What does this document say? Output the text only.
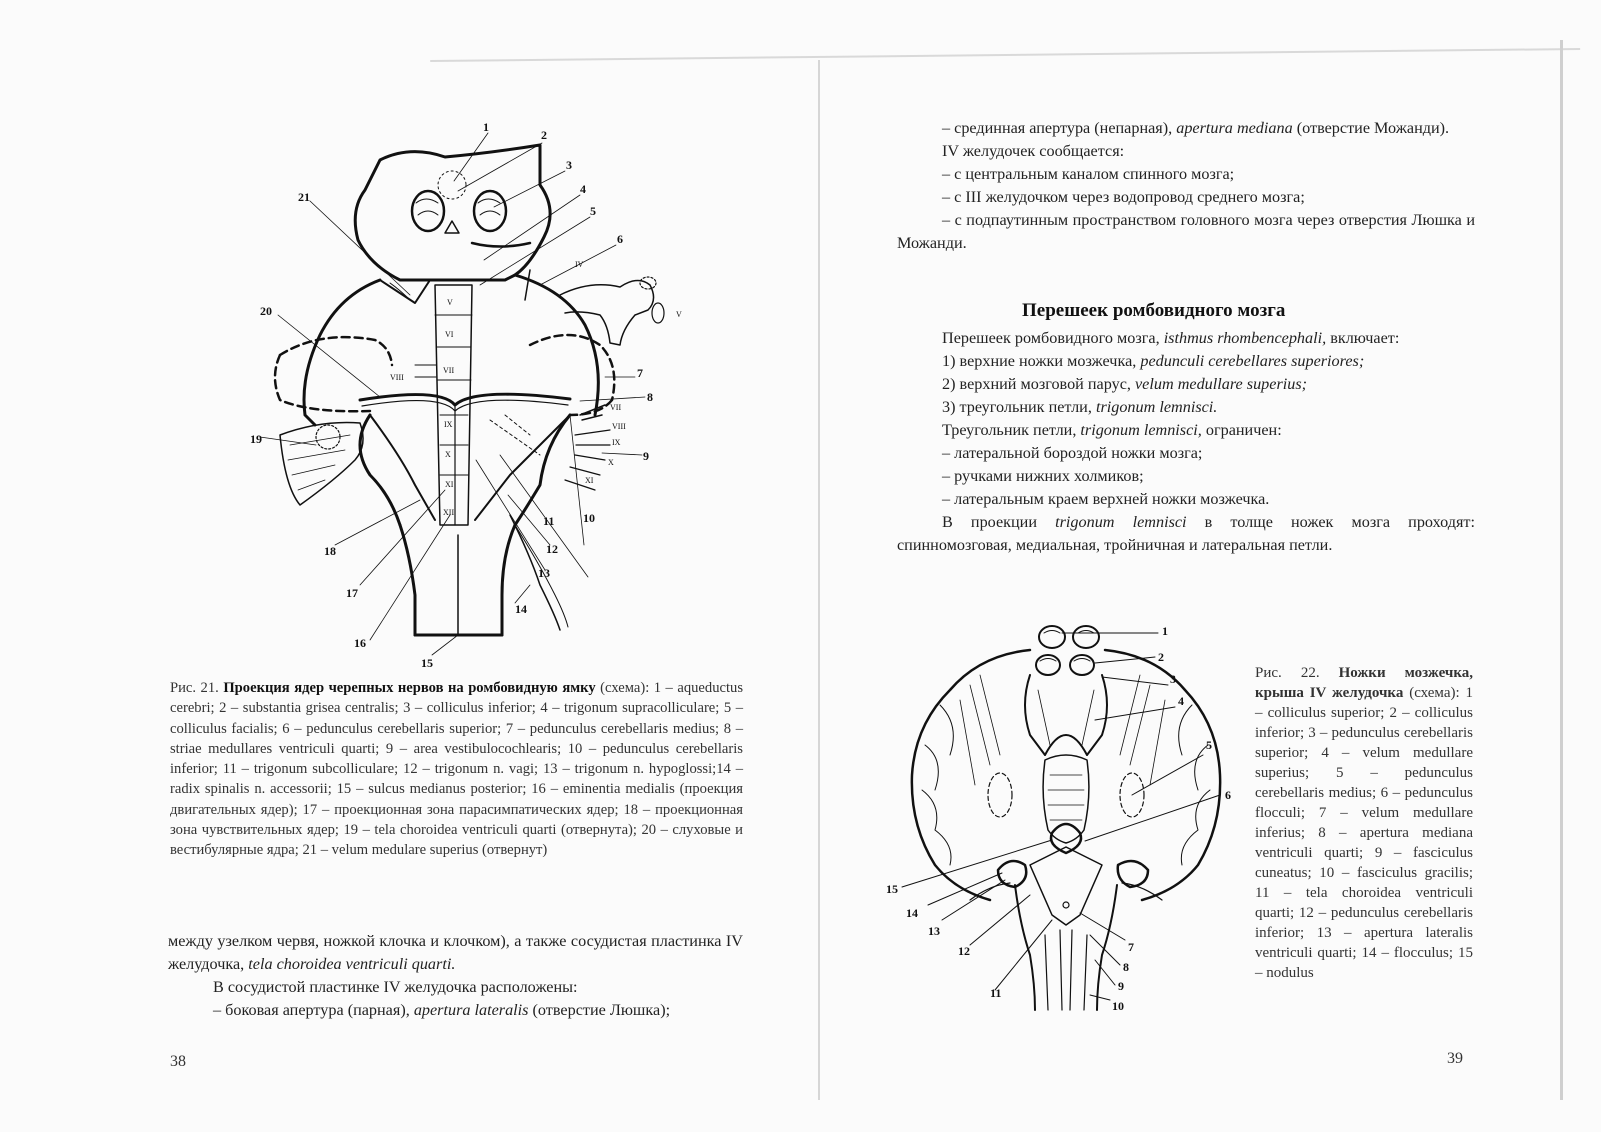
V
VI
VII
VIII
IX
X
XI
XII
IV
V
VII
VIII
IX
X
XI
1
2
3
4
5
6
7
8
9
10
11
12
13
14
15
16
17
18
19
20
21
Рис. 21. Проекция ядер черепных нервов на ромбовидную ямку (схема): 1 – aqueductus cerebri; 2 – substantia grisea centralis; 3 – colliculus inferior; 4 – trigonum supracolliculare; 5 – colliculus facialis; 6 – pedunculus cerebellaris superior; 7 – pedunculus cerebellaris medius; 8 – striae medullares ventriculi quarti; 9 – area vestibulocochlearis; 10 – pedunculus cerebellaris inferior; 11 – trigonum subcolliculare; 12 – trigonum n. vagi; 13 – trigonum n. hypoglossi;14 – radix spinalis n. accessorii; 15 – sulcus medianus posterior; 16 – eminentia medialis (проекция двигательных ядер); 17 – проекционная зона парасимпатических ядер; 18 – проекционная зона чувствительных ядер; 19 – tela choroidea ventriculi quarti (отвернута); 20 – слуховые и вестибулярные ядра; 21 – velum medulare superius (отвернут)

между узелком червя, ножкой клочка и клочком), а также сосудистая пластинка IV желудочка, tela choroidea ventriculi quarti.

В сосудистой пластинке IV желудочка расположены:

– боковая апертура (парная), apertura lateralis (отверстие Люшка);

38

– срединная апертура (непарная), apertura mediana (отверстие Можанди).

IV желудочек сообщается:

– с центральным каналом спинного мозга;

– с III желудочком через водопровод среднего мозга;

– с подпаутинным пространством головного мозга через отверстия Люшка и Можанди.

Перешеек ромбовидного мозга

Перешеек ромбовидного мозга, isthmus rhombencephali, включает:

1) верхние ножки мозжечка, pedunculi cerebellares superiores;

2) верхний мозговой парус, velum medullare superius;

3) треугольник петли, trigonum lemnisci.

Треугольник петли, trigonum lemnisci, ограничен:

– латеральной бороздой ножки мозга;

– ручками нижних холмиков;

– латеральным краем верхней ножки мозжечка.

В проекции trigonum lemnisci в толще ножек мозга проходят: спинномозговая, медиальная, тройничная и латеральная петли.

1
2
3
4
5
6
7
8
9
10
11
12
13
14
15
Рис. 22. Ножки мозжечка, крыша IV желудочка (схема): 1 – colliculus superior; 2 – colliculus inferior; 3 – pedunculus cerebellaris superior; 4 – velum medullare superius; 5 – pedunculus cerebellaris medius; 6 – pedunculus flocculi; 7 – velum medullare inferius; 8 – apertura mediana ventriculi quarti; 9 – fasciculus cuneatus; 10 – fasciculus gracilis; 11 – tela choroidea ventriculi quarti; 12 – pedunculus cerebellaris inferior; 13 – apertura lateralis ventriculi quarti; 14 – flocculus; 15 – nodulus
39
